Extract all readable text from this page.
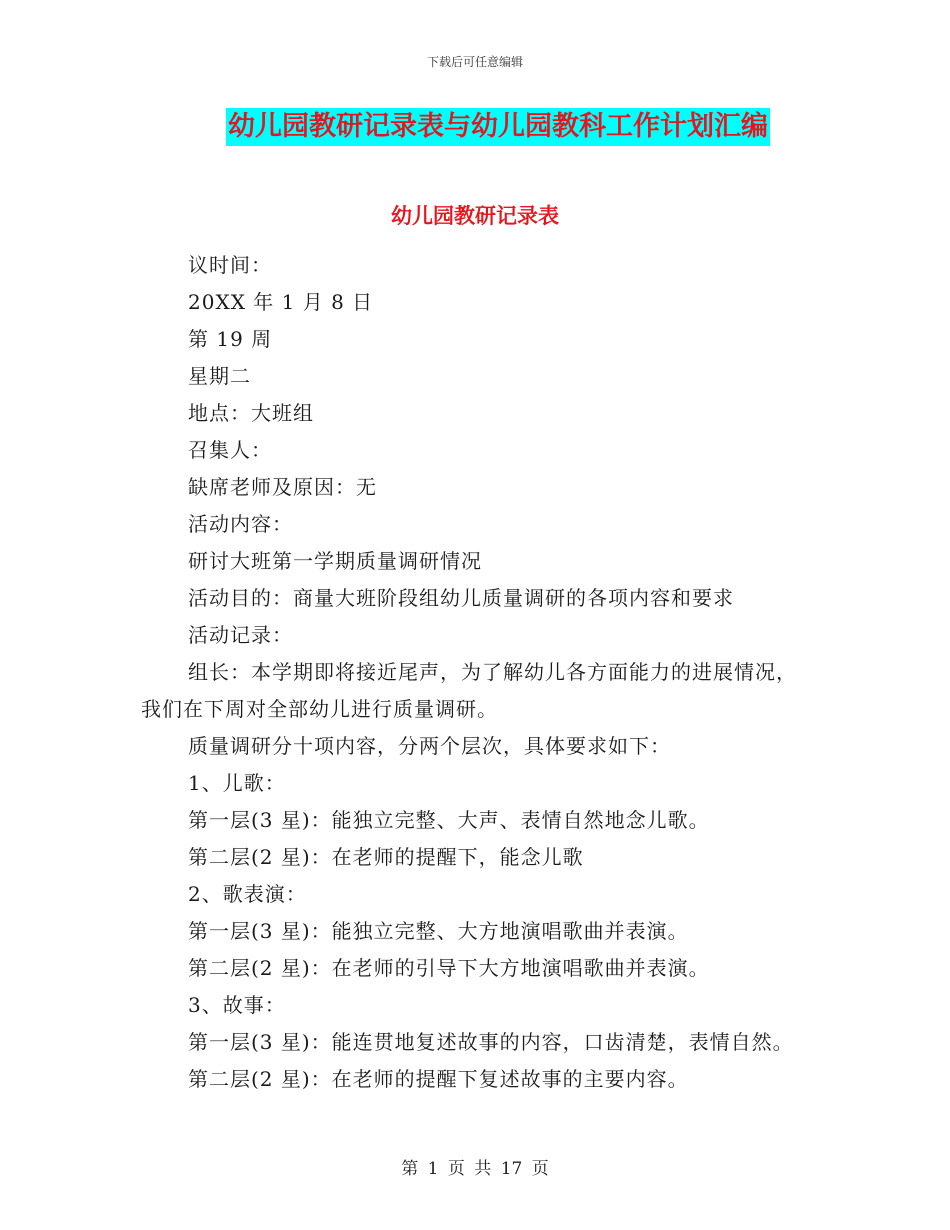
下载后可任意编辑
幼儿园教研记录表与幼儿园教科工作计划汇编
幼儿园教研记录表
议时间：
20XX 年 1 月 8 日
第 19 周
星期二
地点：大班组
召集人：
缺席老师及原因：无
活动内容：
研讨大班第一学期质量调研情况
活动目的：商量大班阶段组幼儿质量调研的各项内容和要求
活动记录：
组长：本学期即将接近尾声，为了解幼儿各方面能力的进展情况，
我们在下周对全部幼儿进行质量调研。
质量调研分十项内容，分两个层次，具体要求如下：
1、儿歌：
第一层(3 星)：能独立完整、大声、表情自然地念儿歌。
第二层(2 星)：在老师的提醒下，能念儿歌
2、歌表演：
第一层(3 星)：能独立完整、大方地演唱歌曲并表演。
第二层(2 星)：在老师的引导下大方地演唱歌曲并表演。
3、故事：
第一层(3 星)：能连贯地复述故事的内容，口齿清楚，表情自然。
第二层(2 星)：在老师的提醒下复述故事的主要内容。
第 1 页 共 17 页
